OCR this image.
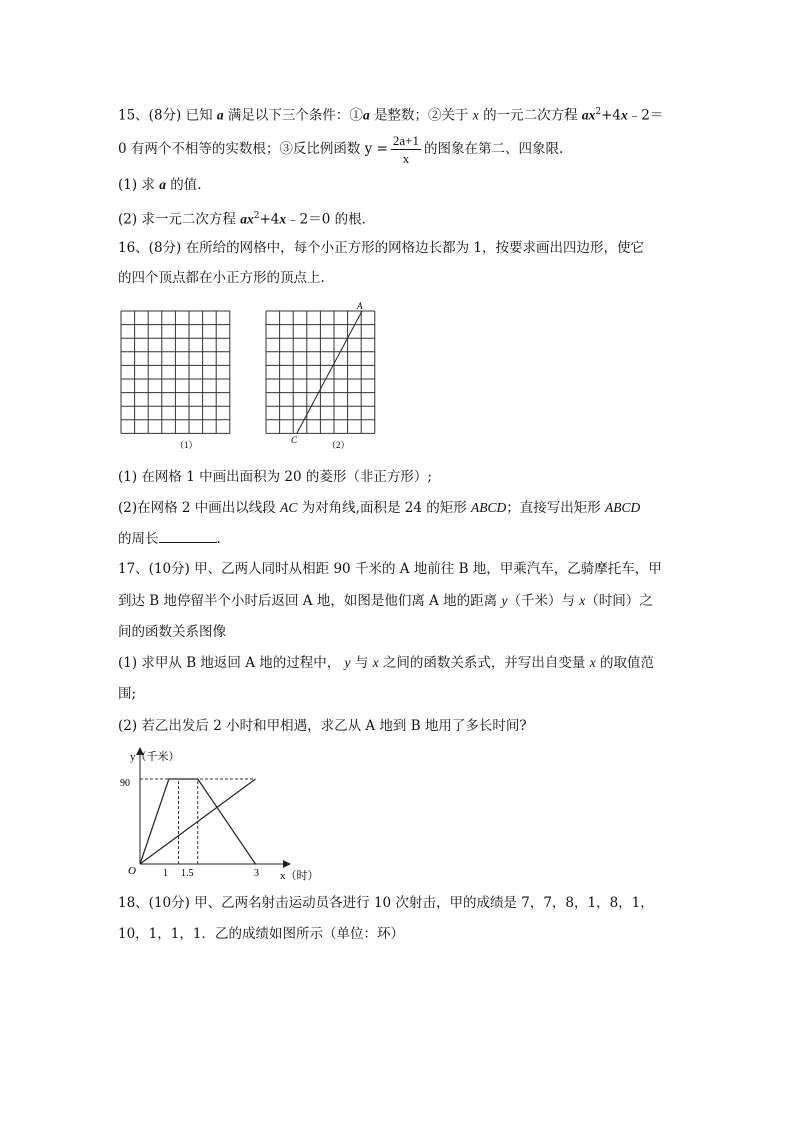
15、(8分) 已知 a 满足以下三个条件：①a 是整数；②关于 x 的一元二次方程 $ax^2+4x﹣2=$
0 有两个不相等的实数根；③反比例函数 $y = \frac{2a+1}{x}$ 的图象在第二、四象限.
(1) 求 a 的值.
(2) 求一元二次方程 $ax^2+4x﹣2=0$ 的根.
16、(8分) 在所给的网格中，每个小正方形的网格边长都为 1，按要求画出四边形，使它
的四个顶点都在小正方形的顶点上.
A
C
（1）	（2）
(1) 在网格 1 中画出面积为 20 的菱形（非正方形）;
(2)在网格 2 中画出以线段 AC 为对角线,面积是 24 的矩形 ABCD；直接写出矩形 ABCD
的周长	.
17、(10分) 甲、乙两人同时从相距 90 千米的 A 地前往 B 地，甲乘汽车，乙骑摩托车，甲
到达 B 地停留半个小时后返回 A 地，如图是他们离 A 地的距离 y（千米）与 x（时间）之
间的函数关系图像
(1) 求甲从 B 地返回 A 地的过程中， y 与 x 之间的函数关系式，并写出自变量 x 的取值范
围;
(2) 若乙出发后 2 小时和甲相遇，求乙从 A 地到 B 地用了多长时间?
y（千米）
x（时）
O
90
1 1.5	3
18、(10分) 甲、乙两名射击运动员各进行 10 次射击，甲的成绩是 7，7，8，1，8，1，
10，1，1，1．乙的成绩如图所示（单位：环）
